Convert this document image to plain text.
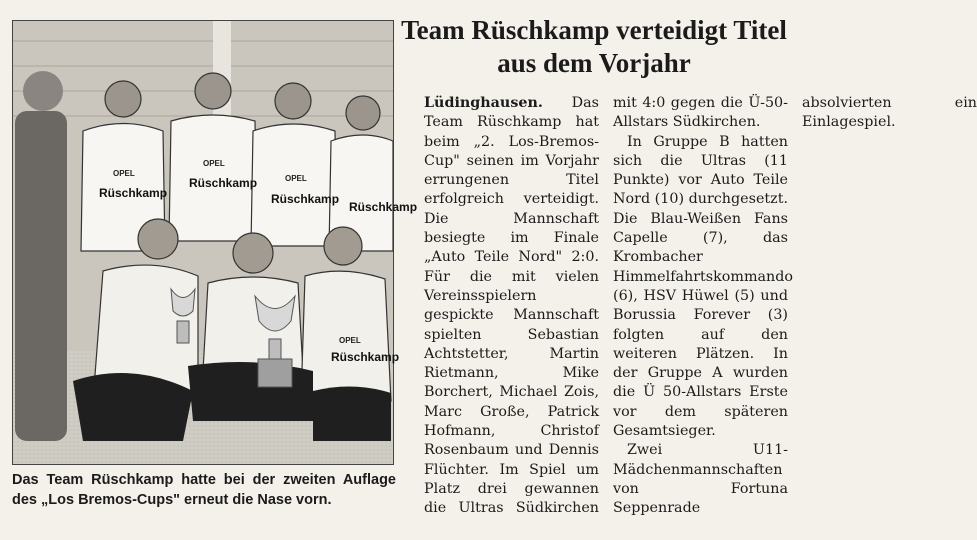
Team Rüschkamp verteidigt Titel aus dem Vorjahr
Rüschkamp
Rüschkamp
Rüschkamp
Rüschkamp
OPEL
OPEL
OPEL
Rüschkamp
OPEL
Das Team Rüschkamp hatte bei der zweiten Auflage des „Los Bremos-Cups" erneut die Nase vorn.

Lüdinghausen. Das Team Rüschkamp hat beim „2. Los-Bremos-Cup" seinen im Vorjahr errungenen Titel erfolgreich verteidigt. Die Mannschaft besiegte im Finale „Auto Teile Nord" 2:0. Für die mit vielen Vereinsspielern gespickte Mannschaft spielten Sebastian Achtstetter, Martin Rietmann, Mike Borchert, Michael Zois, Marc Große, Patrick Hofmann, Christof Rosenbaum und Dennis Flüchter. Im Spiel um Platz drei gewannen die Ultras Südkirchen mit 4:0 gegen die Ü-50-Allstars Südkirchen.

In Gruppe B hatten sich die Ultras (11 Punkte) vor Auto Teile Nord (10) durchgesetzt. Die Blau-Weißen Fans Capelle (7), das Krombacher Himmelfahrtskommando (6), HSV Hüwel (5) und Borussia Forever (3) folgten auf den weiteren Plätzen. In der Gruppe A wurden die Ü 50-Allstars Erste vor dem späteren Gesamtsieger.

Zwei U11-Mädchenmannschaften von Fortuna Seppenrade absolvierten ein Einlagespiel.
